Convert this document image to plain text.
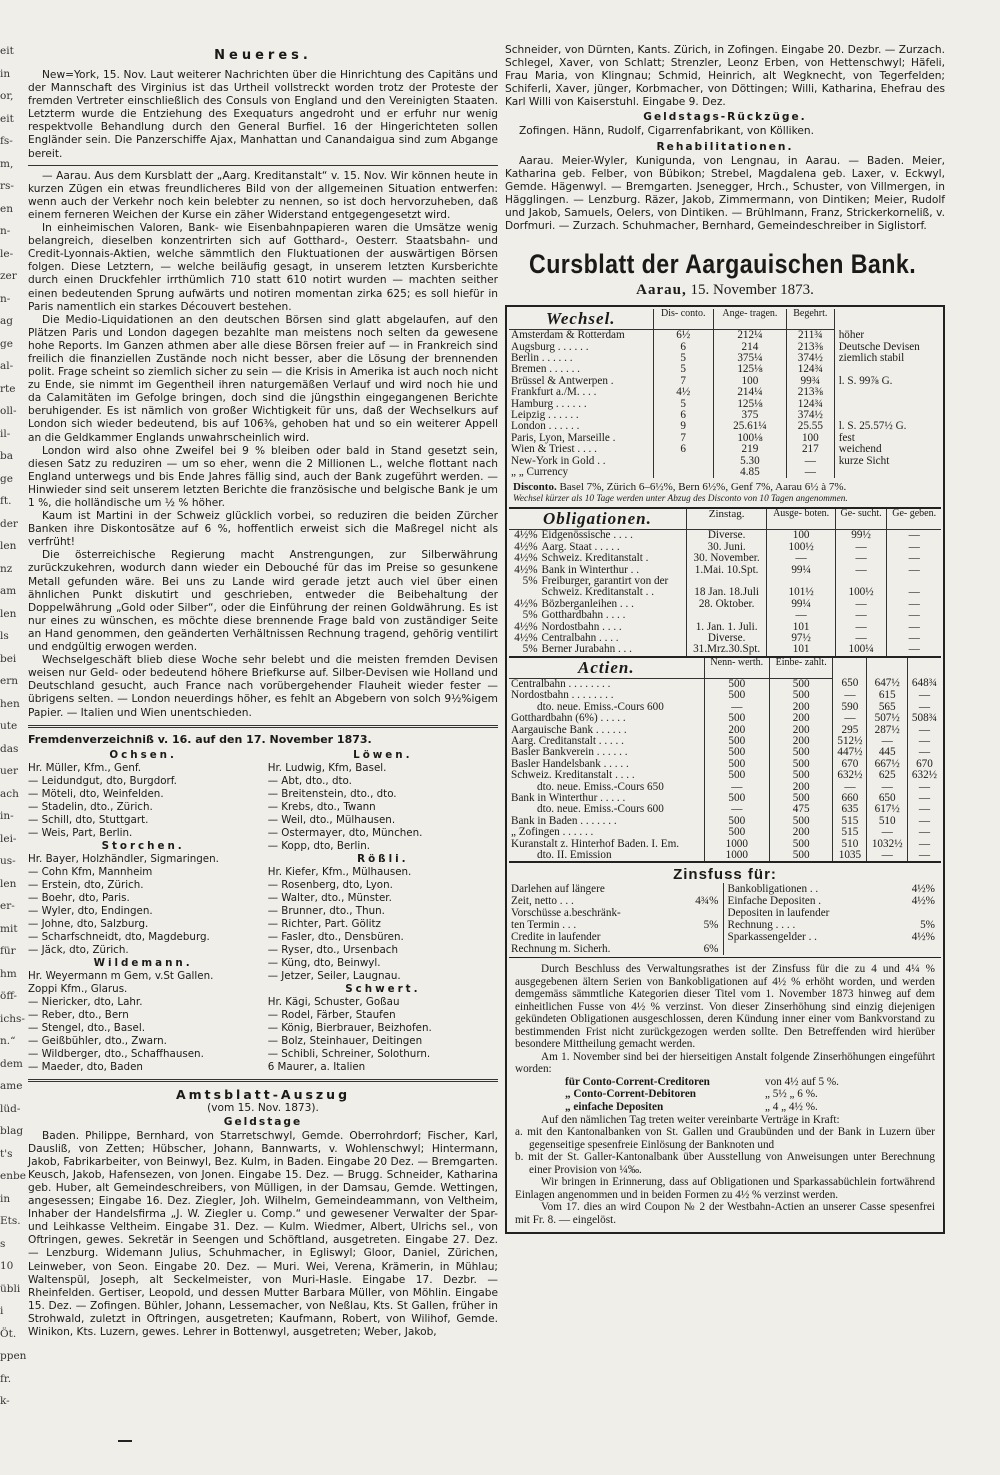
eit
in
or,
eit
fs-
m,
rs-
en
n-
le-
zer
n-
ag
ge
al-
rte
oll-
il-
ba
ge
ft.
der
len
nz
am
len
ls
bei
ern
hen
ute
das
uer
ach
in-
lei-
us-
len
er-
mit
für
hm
öff-
ichs-
n.“
dem
ame
lüd-
blag
t's
enbe
in
Ets.
s 10
übli
i Öt.
ppen
fr.
k-
Neueres.

New=York, 15. Nov. Laut weiterer Nachrichten über die Hinrichtung des Capitäns und der Mannschaft des Virginius ist das Urtheil vollstreckt worden trotz der Proteste der fremden Vertreter einschließlich des Consuls von England und den Vereinigten Staaten. Letzterm wurde die Entziehung des Exequaturs angedroht und er erfuhr nur wenig respektvolle Behandlung durch den General Burfiel. 16 der Hingerichteten sollen Engländer sein. Die Panzerschiffe Ajax, Manhattan und Canandaigua sind zum Abgange bereit.

— Aarau. Aus dem Kursblatt der „Aarg. Kreditanstalt“ v. 15. Nov. Wir können heute in kurzen Zügen ein etwas freundlicheres Bild von der allgemeinen Situation entwerfen: wenn auch der Verkehr noch kein belebter zu nennen, so ist doch hervorzuheben, daß einem ferneren Weichen der Kurse ein zäher Widerstand entgegengesetzt wird.

In einheimischen Valoren, Bank- wie Eisenbahnpapieren waren die Umsätze wenig belangreich, dieselben konzentrirten sich auf Gotthard-, Oesterr. Staatsbahn- und Credit-Lyonnais-Aktien, welche sämmtlich den Fluktuationen der auswärtigen Börsen folgen. Diese Letztern, — welche beiläufig gesagt, in unserem letzten Kursberichte durch einen Druckfehler irrthümlich 710 statt 610 notirt wurden — machten seither einen bedeutenden Sprung aufwärts und notiren momentan zirka 625; es soll hiefür in Paris namentlich ein starkes Découvert bestehen.

Die Medio-Liquidationen an den deutschen Börsen sind glatt abgelaufen, auf den Plätzen Paris und London dagegen bezahlte man meistens noch selten da gewesene hohe Reports. Im Ganzen athmen aber alle diese Börsen freier auf — in Frankreich sind freilich die finanziellen Zustände noch nicht besser, aber die Lösung der brennenden polit. Frage scheint so ziemlich sicher zu sein — die Krisis in Amerika ist auch noch nicht zu Ende, sie nimmt im Gegentheil ihren naturgemäßen Verlauf und wird noch hie und da Calamitäten im Gefolge bringen, doch sind die jüngsthin eingegangenen Berichte beruhigender. Es ist nämlich von großer Wichtigkeit für uns, daß der Wechselkurs auf London sich wieder bedeutend, bis auf 106⅜, gehoben hat und so ein weiterer Appell an die Geldkammer Englands unwahrscheinlich wird.

London wird also ohne Zweifel bei 9 % bleiben oder bald in Stand gesetzt sein, diesen Satz zu reduziren — um so eher, wenn die 2 Millionen L., welche flottant nach England unterwegs und bis Ende Jahres fällig sind, auch der Bank zugeführt werden. — Hinwieder sind seit unserem letzten Berichte die französische und belgische Bank je um 1 %, die holländische um ½ % höher.

Kaum ist Martini in der Schweiz glücklich vorbei, so reduziren die beiden Zürcher Banken ihre Diskontosätze auf 6 %, hoffentlich erweist sich die Maßregel nicht als verfrüht!

Die österreichische Regierung macht Anstrengungen, zur Silberwährung zurückzukehren, wodurch dann wieder ein Debouché für das im Preise so gesunkene Metall gefunden wäre. Bei uns zu Lande wird gerade jetzt auch viel über einen ähnlichen Punkt diskutirt und geschrieben, entweder die Beibehaltung der Doppelwährung „Gold oder Silber“, oder die Einführung der reinen Goldwährung. Es ist nur eines zu wünschen, es möchte diese brennende Frage bald von zuständiger Seite an Hand genommen, den geänderten Verhältnissen Rechnung tragend, gehörig ventilirt und endgültig erwogen werden.

Wechselgeschäft blieb diese Woche sehr belebt und die meisten fremden Devisen weisen nur Geld- oder bedeutend höhere Briefkurse auf. Silber-Devisen wie Holland und Deutschland gesucht, auch France nach vorübergehender Flauheit wieder fester — übrigens selten. — London neuerdings höher, es fehlt an Abgebern von solch 9½%igem Papier. — Italien und Wien unentschieden.

Fremdenverzeichniß v. 16. auf den 17. November 1873.
Ochsen.
Hr. Müller, Kfm., Genf.
— Leidundgut, dto, Burgdorf.
— Möteli, dto, Weinfelden.
— Stadelin, dto., Zürich.
— Schill, dto, Stuttgart.
— Weis, Part, Berlin.
Storchen.
Hr. Bayer, Holzhändler, Sigmaringen.
— Cohn Kfm, Mannheim
— Erstein, dto, Zürich.
— Boehr, dto, Paris.
— Wyler, dto, Endingen.
— Johne, dto, Salzburg.
— Scharfschneidt, dto, Magdeburg.
— Jäck, dto, Zürich.
Wildemann.
Hr. Weyermann m Gem, v.St Gallen.
Zoppi Kfm., Glarus.
— Niericker, dto, Lahr.
— Reber, dto., Bern
— Stengel, dto., Basel.
— Geißbühler, dto., Zwarn.
— Wildberger, dto., Schaffhausen.
— Maeder, dto, Baden
Löwen.
Hr. Ludwig, Kfm, Basel.
— Abt, dto., dto.
— Breitenstein, dto., dto.
— Krebs, dto., Twann
— Weil, dto., Mülhausen.
— Ostermayer, dto, München.
— Kopp, dto, Berlin.
Rößli.
Hr. Kiefer, Kfm., Mülhausen.
— Rosenberg, dto, Lyon.
— Walter, dto., Münster.
— Brunner, dto., Thun.
— Richter, Part. Gölitz
— Fasler, dto., Densbüren.
— Ryser, dto., Ursenbach
— Küng, dto, Beinwyl.
— Jetzer, Seiler, Laugnau.
Schwert.
Hr. Kägi, Schuster, Goßau
— Rodel, Färber, Staufen
— König, Bierbrauer, Beizhofen.
— Bolz, Steinhauer, Deitingen
— Schibli, Schreiner, Solothurn.
6 Maurer, a. Italien
Amtsblatt-Auszug
(vom 15. Nov. 1873).
Geldstage

Baden. Philippe, Bernhard, von Starretschwyl, Gemde. Oberrohrdorf; Fischer, Karl, Dausliß, von Zetten; Hübscher, Johann, Bannwarts, v. Wohlenschwyl; Hintermann, Jakob, Fabrikarbeiter, von Beinwyl, Bez. Kulm, in Baden. Eingabe 20 Dez. — Bremgarten. Keusch, Jakob, Hafensezen, von Jonen. Eingabe 15. Dez. — Brugg. Schneider, Katharina geb. Huber, alt Gemeindeschreibers, von Mülligen, in der Damsau, Gemde. Wettingen, angesessen; Eingabe 16. Dez. Ziegler, Joh. Wilhelm, Gemeindeammann, von Veltheim, Inhaber der Handelsfirma „J. W. Ziegler u. Comp.“ und gewesener Verwalter der Spar- und Leihkasse Veltheim. Eingabe 31. Dez. — Kulm. Wiedmer, Albert, Ulrichs sel., von Oftringen, gewes. Sekretär in Seengen und Schöftland, ausgetreten. Eingabe 27. Dez. — Lenzburg. Widemann Julius, Schuhmacher, in Egliswyl; Gloor, Daniel, Zürichen, Leinweber, von Seon. Eingabe 20. Dez. — Muri. Wei, Verena, Krämerin, in Mühlau; Waltenspül, Joseph, alt Seckelmeister, von Muri-Hasle. Eingabe 17. Dezbr. — Rheinfelden. Gertiser, Leopold, und dessen Mutter Barbara Müller, von Möhlin. Eingabe 15. Dez. — Zofingen. Bühler, Johann, Lessemacher, von Neßlau, Kts. St Gallen, früher in Strohwald, zuletzt in Oftringen, ausgetreten; Kaufmann, Robert, von Wilihof, Gemde. Winikon, Kts. Luzern, gewes. Lehrer in Bottenwyl, ausgetreten; Weber, Jakob,

Schneider, von Dürnten, Kants. Zürich, in Zofingen. Eingabe 20. Dezbr. — Zurzach. Schlegel, Xaver, von Schlatt; Strenzler, Leonz Erben, von Hettenschwyl; Häfeli, Frau Maria, von Klingnau; Schmid, Heinrich, alt Wegknecht, von Tegerfelden; Schiferli, Xaver, jünger, Korbmacher, von Döttingen; Willi, Katharina, Ehefrau des Karl Willi von Kaiserstuhl. Eingabe 9. Dez.

Geldstags-Rückzüge.

Zofingen. Hänn, Rudolf, Cigarrenfabrikant, von Kölliken.

Rehabilitationen.

Aarau. Meier-Wyler, Kunigunda, von Lengnau, in Aarau. — Baden. Meier, Katharina geb. Felber, von Bübikon; Strebel, Magdalena geb. Laxer, v. Eckwyl, Gemde. Hägenwyl. — Bremgarten. Jsenegger, Hrch., Schuster, von Villmergen, in Hägglingen. — Lenzburg. Räzer, Jakob, Zimmermann, von Dintiken; Meier, Rudolf und Jakob, Samuels, Oelers, von Dintiken. — Brühlmann, Franz, Strickerkorneliß, v. Dorfmuri. — Zurzach. Schuhmacher, Bernhard, Gemeindeschreiber in Siglistorf.

Cursblatt der Aargauischen Bank.
Aarau, 15. November 1873.
Wechsel.	Dis- conto.	Ange- tragen.	Begehrt.	
Amsterdam & Rotterdam	6½	212¼	211¾	höher
Augsburg . . . . . .	6	214	213⅜	Deutsche Devisen
Berlin . . . . . .	5	375¼	374½	ziemlich stabil
Bremen . . . . . .	5	125⅛	124¾	
Brüssel & Antwerpen .	7	100	99¾	l. S. 99⅞ G.
Frankfurt a./M. . . .	4½	214¼	213⅜	
Hamburg . . . . . .	5	125⅛	124¾	
Leipzig . . . . . .	6	375	374½	
London . . . . . .	9	25.61¼	25.55	l. S. 25.57½ G.
Paris, Lyon, Marseille .	7	100⅛	100	fest
Wien & Triest . . . .	6	219	217	weichend
New-York in Gold . .		5.30	—	kurze Sicht
„ „ Currency		4.85	—	
Disconto. Basel 7%, Zürich 6–6½%, Bern 6½%, Genf 7%, Aarau 6½ à 7%.
Wechsel kürzer als 10 Tage werden unter Abzug des Disconto von 10 Tagen angenommen.
Obligationen.		Zinstag.	Ausge- boten.	Ge- sucht.	Ge- geben.
4½%	Eidgenössische . . . .	Diverse.	100	99½	—
4½%	Aarg. Staat . . . . .	30. Juni.	100½	—	—
4½%	Schweiz. Kreditanstalt .	30. November.	—	—	—
4½%	Bank in Winterthur . .	1.Mai. 10.Spt.	99¼	—	—
5%	Freiburger, garantirt von der				
	Schweiz. Kreditanstalt . .	18 Jan. 18.Juli	101½	100½	—
4½%	Bözberganleihen . . .	28. Oktober.	99¼	—	—
5%	Gotthardbahn . . . .		—	—	—
4½%	Nordostbahn . . . .	1. Jan. 1. Juli.	101	—	—
4½%	Centralbahn . . . .	Diverse.	97½	—	—
5%	Berner Jurabahn . . .	31.Mrz.30.Spt.	101	100¼	—
Actien.	Nenn- werth.	Einbe- zahlt.			
Centralbahn . . . . . . . .	500	500	650	647½	648¾
Nordostbahn . . . . . . . .	500	500	—	615	—
dto. neue. Emiss.-Cours 600	—	200	590	565	—
Gotthardbahn (6%) . . . . .	500	200	—	507½	508¾
Aargauische Bank . . . . . .	200	200	295	287½	—
Aarg. Creditanstalt . . . . .	500	200	512½	—	—
Basler Bankverein . . . . . .	500	500	447½	445	—
Basler Handelsbank . . . . .	500	500	670	667½	670
Schweiz. Kreditanstalt . . . .	500	500	632½	625	632½
dto. neue. Emiss.-Cours 650	—	200	—	—	—
Bank in Winterthur . . . . .	500	500	660	650	—
dto. neue. Emiss.-Cours 600	—	475	635	617½	—
Bank in Baden . . . . . . .	500	500	515	510	—
„ Zofingen . . . . . .	500	200	515	—	—
Kuranstalt z. Hinterhof Baden. I. Em.	1000	500	510	1032½	—
dto. II. Emission	1000	500	1035	—	—
Zinsfuss für:
Darlehen auf längere
Zeit, netto . . .	4¾%
Vorschüsse a.beschränk-
ten Termin . . .	5%
Credite in laufender
Rechnung m. Sicherh.	6%
Bankobligationen . .	4½%
Einfache Depositen .	4½%
Depositen in laufender
Rechnung . . . .	5%
Sparkassengelder . .	4½%

Durch Beschluss des Verwaltungsrathes ist der Zinsfuss für die zu 4 und 4¼ % ausgegebenen ältern Serien von Bankobligationen auf 4½ % erhöht worden, und werden demgemäss sämmtliche Kategorien dieser Titel vom 1. November 1873 hinweg auf dem einheitlichen Fusse von 4½ % verzinst. Von dieser Zinserhöhung sind einzig diejenigen gekündeten Obligationen ausgeschlossen, deren Kündung inner einer vom Bankvorstand zu bestimmenden Frist nicht zurückgezogen werden sollte. Den Betreffenden wird hierüber besondere Mittheilung gemacht werden.

Am 1. November sind bei der hierseitigen Anstalt folgende Zinserhöhungen eingeführt worden:

für Conto-Corrent-Creditoren	von 4½ auf 5 %.
„ Conto-Corrent-Debitoren	„ 5½ „ 6 %.
„ einfache Depositen	„ 4 „ 4½ %.

Auf den nämlichen Tag treten weiter vereinbarte Verträge in Kraft:

a. mit den Kantonalbanken von St. Gallen und Graubünden und der Bank in Luzern über gegenseitige spesenfreie Einlösung der Banknoten und

b. mit der St. Galler-Kantonalbank über Ausstellung von Anweisungen unter Berechnung einer Provision von ¼‰.

Wir bringen in Erinnerung, dass auf Obligationen und Sparkassabüchlein fortwährend Einlagen angenommen und in beiden Formen zu 4½ % verzinst werden.

Vom 17. dies an wird Coupon № 2 der Westbahn-Actien an unserer Casse spesenfrei mit Fr. 8. — eingelöst.
